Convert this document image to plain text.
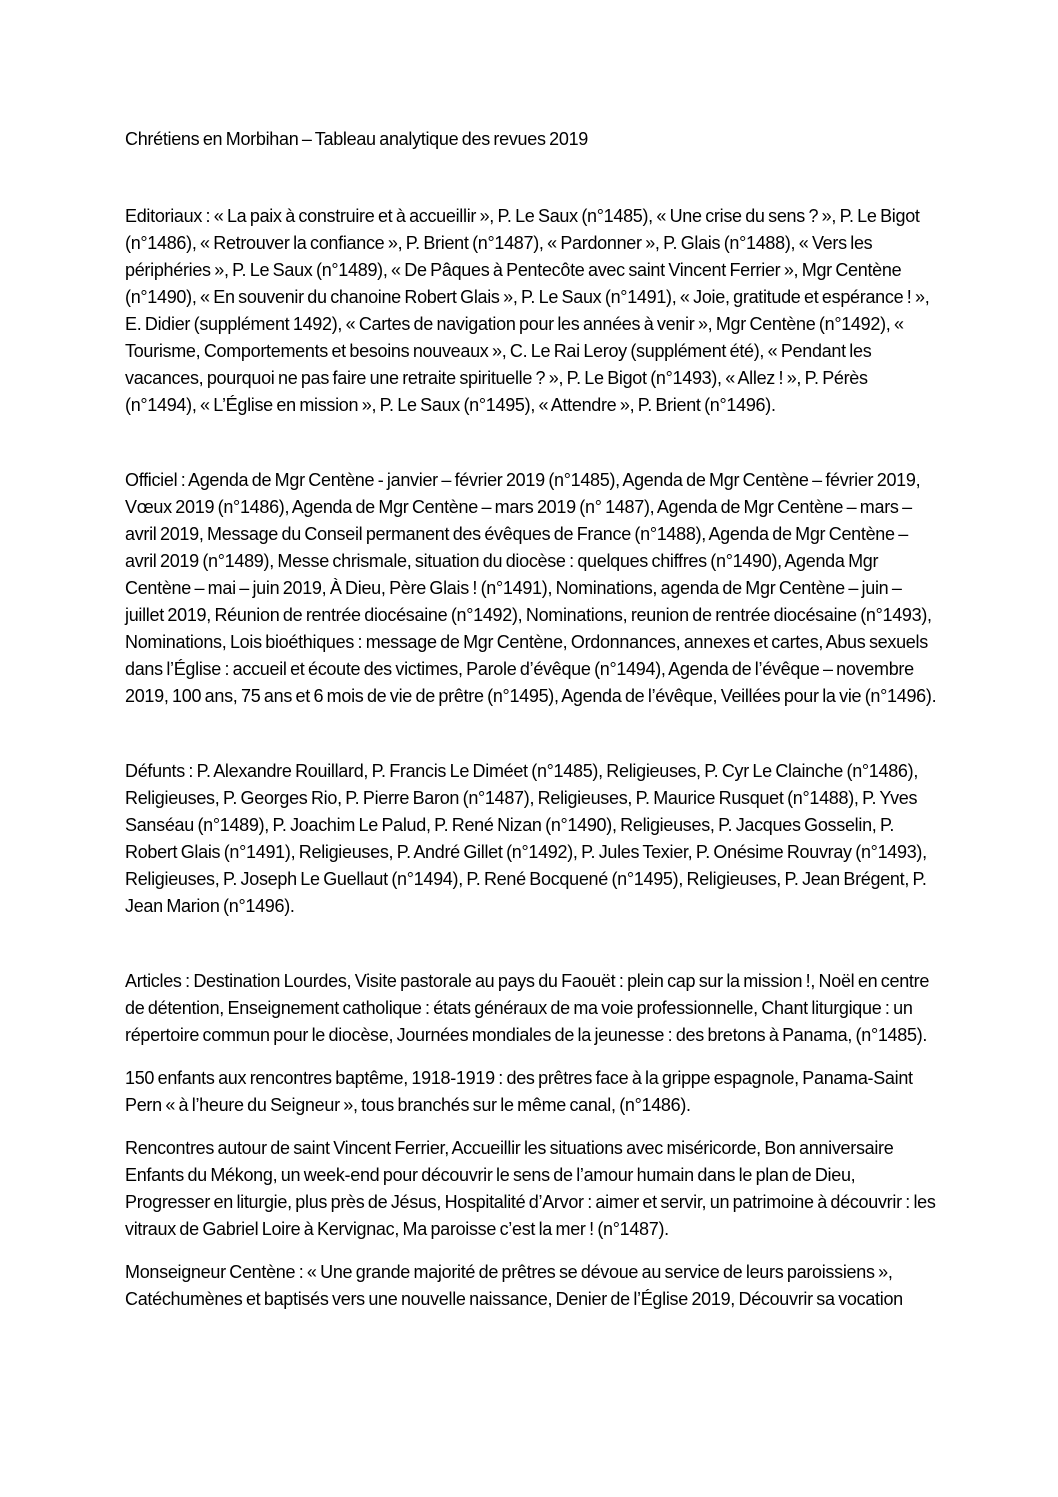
Chrétiens en Morbihan – Tableau analytique des revues 2019

Editoriaux : « La paix à construire et à accueillir », P. Le Saux (n°1485), « Une crise du sens ? », P. Le Bigot (n°1486), « Retrouver la confiance », P. Brient (n°1487), « Pardonner », P. Glais (n°1488), « Vers les périphéries », P. Le Saux (n°1489), « De Pâques à Pentecôte avec saint Vincent Ferrier », Mgr Centène (n°1490), « En souvenir du chanoine Robert Glais », P. Le Saux (n°1491), « Joie, gratitude et espérance ! », E. Didier (supplément 1492), « Cartes de navigation pour les années à venir », Mgr Centène (n°1492), « Tourisme, Comportements et besoins nouveaux », C. Le Rai Leroy (supplément été), « Pendant les vacances, pourquoi ne pas faire une retraite spirituelle ? », P. Le Bigot (n°1493), « Allez ! », P. Pérès (n°1494), « L’Église en mission », P. Le Saux (n°1495), « Attendre », P. Brient (n°1496).

Officiel : Agenda de Mgr Centène - janvier – février 2019 (n°1485), Agenda de Mgr Centène – février 2019, Vœux 2019 (n°1486), Agenda de Mgr Centène – mars 2019 (n° 1487), Agenda de Mgr Centène – mars – avril 2019, Message du Conseil permanent des évêques de France (n°1488), Agenda de Mgr Centène – avril 2019 (n°1489), Messe chrismale, situation du diocèse : quelques chiffres (n°1490), Agenda Mgr Centène – mai – juin 2019, À Dieu, Père Glais ! (n°1491), Nominations, agenda de Mgr Centène – juin – juillet 2019, Réunion de rentrée diocésaine (n°1492), Nominations, reunion de rentrée diocésaine (n°1493), Nominations, Lois bioéthiques : message de Mgr Centène, Ordonnances, annexes et cartes, Abus sexuels dans l’Église : accueil et écoute des victimes, Parole d’évêque (n°1494), Agenda de l’évêque – novembre 2019, 100 ans, 75 ans et 6 mois de vie de prêtre (n°1495), Agenda de l’évêque, Veillées pour la vie (n°1496).

Défunts : P. Alexandre Rouillard, P. Francis Le Diméet (n°1485), Religieuses, P. Cyr Le Clainche (n°1486), Religieuses, P. Georges Rio, P. Pierre Baron (n°1487), Religieuses, P. Maurice Rusquet (n°1488), P. Yves Sanséau (n°1489), P. Joachim Le Palud, P. René Nizan (n°1490), Religieuses, P. Jacques Gosselin, P. Robert Glais (n°1491), Religieuses, P. André Gillet (n°1492), P. Jules Texier, P. Onésime Rouvray (n°1493), Religieuses, P. Joseph Le Guellaut (n°1494), P. René Bocquené (n°1495), Religieuses, P. Jean Brégent, P. Jean Marion (n°1496).

Articles : Destination Lourdes, Visite pastorale au pays du Faouët : plein cap sur la mission !, Noël en centre de détention, Enseignement catholique : états généraux de ma voie professionnelle, Chant liturgique : un répertoire commun pour le diocèse, Journées mondiales de la jeunesse : des bretons à Panama, (n°1485).

150 enfants aux rencontres baptême, 1918-1919 : des prêtres face à la grippe espagnole, Panama-Saint Pern « à l’heure du Seigneur », tous branchés sur le même canal, (n°1486).

Rencontres autour de saint Vincent Ferrier, Accueillir les situations avec miséricorde, Bon anniversaire Enfants du Mékong, un week-end pour découvrir le sens de l’amour humain dans le plan de Dieu, Progresser en liturgie, plus près de Jésus, Hospitalité d’Arvor : aimer et servir, un patrimoine à découvrir : les vitraux de Gabriel Loire à Kervignac, Ma paroisse c’est la mer ! (n°1487).

Monseigneur Centène : « Une grande majorité de prêtres se dévoue au service de leurs paroissiens », Catéchumènes et baptisés vers une nouvelle naissance, Denier de l’Église 2019, Découvrir sa vocation
